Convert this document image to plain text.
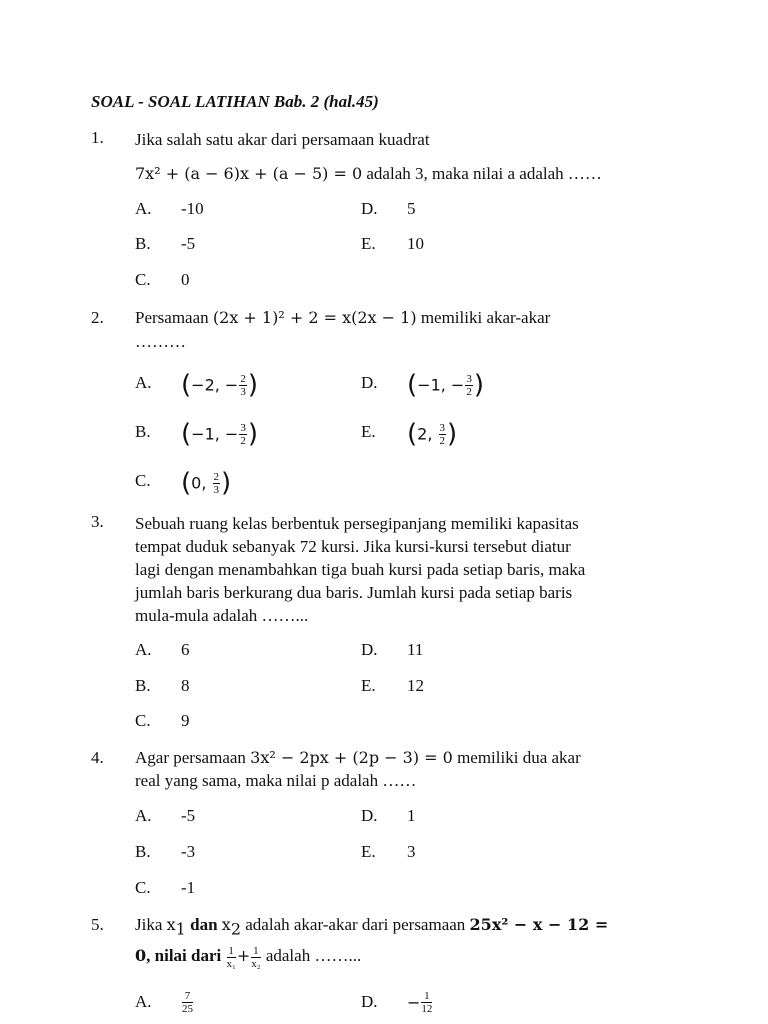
SOAL - SOAL LATIHAN Bab. 2 (hal.45)
1. Jika salah satu akar dari persamaan kuadrat
7x² + (a − 6)x + (a − 5) = 0 adalah 3, maka nilai a adalah ……
A. -10	D. 5
B. -5	E. 10
C. 0
2. Persamaan (2x + 1)² + 2 = x(2x − 1) memiliki akar-akar
………
A. (−2, − $\frac{2}{3}$ )	D. (−1, − $\frac{3}{2}$ )
B. (−1, − $\frac{3}{2}$ )	E. (2, $\frac{3}{2}$ )
C. (0, $\frac{2}{3}$ )
3. Sebuah ruang kelas berbentuk persegipanjang memiliki kapasitas
tempat duduk sebanyak 72 kursi. Jika kursi-kursi tersebut diatur
lagi dengan menambahkan tiga buah kursi pada setiap baris, maka
jumlah baris berkurang dua baris. Jumlah kursi pada setiap baris
mula-mula adalah ……...
A. 6	D. 11
B. 8	E. 12
C. 9
4. Agar persamaan 3x² − 2px + (2p − 3) = 0 memiliki dua akar
real yang sama, maka nilai p adalah ……
A. -5	D. 1
B. -3	E. 3
C. -1
5. Jika $x_1$ dan $x_2$ adalah akar-akar dari persamaan 25x² − x − 12 =
0, nilai dari $\frac{1}{\text{x₁}} + \frac{1}{\text{x₂}}$ adalah ……...
A.	$\frac{7}{25}$	D. − $\frac{1}{12}$
